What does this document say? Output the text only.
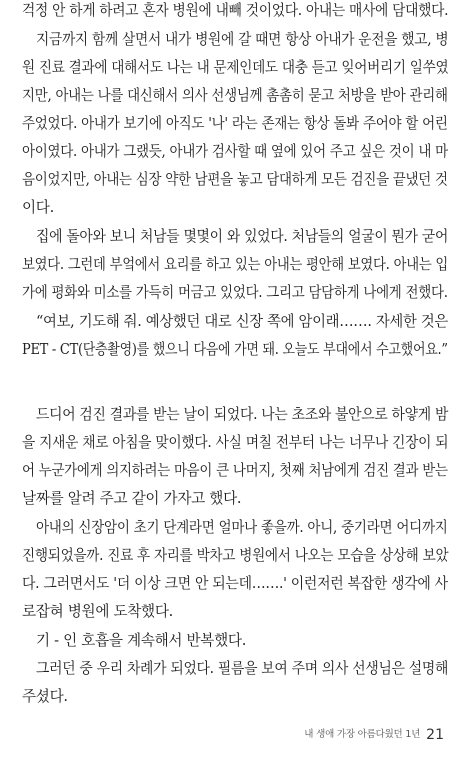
걱정 안 하게 하려고 혼자 병원에 내빼 것이었다. 아내는 매사에 담대했다.
지금까지 함께 살면서 내가 병원에 갈 때면 항상 아내가 운전을 했고, 병
원 진료 결과에 대해서도 나는 내 문제인데도 대충 듣고 잊어버리기 일쑤였
지만, 아내는 나를 대신해서 의사 선생님께 촘촘히 묻고 처방을 받아 관리해
주었었다. 아내가 보기에 아직도 '나' 라는 존재는 항상 돌봐 주어야 할 어린
아이였다. 아내가 그랬듯, 아내가 검사할 때 옆에 있어 주고 싶은 것이 내 마
음이었지만, 아내는 심장 약한 남편을 놓고 담대하게 모든 검진을 끝냈던 것
이다.
집에 돌아와 보니 처남들 몇몇이 와 있었다. 처남들의 얼굴이 뭔가 굳어
보였다. 그런데 부엌에서 요리를 하고 있는 아내는 평안해 보였다. 아내는 입
가에 평화와 미소를 가득히 머금고 있었다. 그리고 담담하게 나에게 전했다.
“여보, 기도해 줘. 예상했던 대로 신장 쪽에 암이래……. 자세한 것은
PET - CT(단층촬영)를 했으니 다음에 가면 돼. 오늘도 부대에서 수고했어요.”
드디어 검진 결과를 받는 날이 되었다. 나는 초조와 불안으로 하얗게 밤
을 지새운 채로 아침을 맞이했다. 사실 며칠 전부터 나는 너무나 긴장이 되
어 누군가에게 의지하려는 마음이 큰 나머지, 첫째 처남에게 검진 결과 받는
날짜를 알려 주고 같이 가자고 했다.
아내의 신장암이 초기 단계라면 얼마나 좋을까. 아니, 중기라면 어디까지
진행되었을까. 진료 후 자리를 박차고 병원에서 나오는 모습을 상상해 보았
다. 그러면서도 '더 이상 크면 안 되는데…….' 이런저런 복잡한 생각에 사
로잡혀 병원에 도착했다.
기 - 인 호흡을 계속해서 반복했다.
그러던 중 우리 차례가 되었다. 필름을 보여 주며 의사 선생님은 설명해
주셨다.
내 생애 가장 아름다웠던 1년 21
